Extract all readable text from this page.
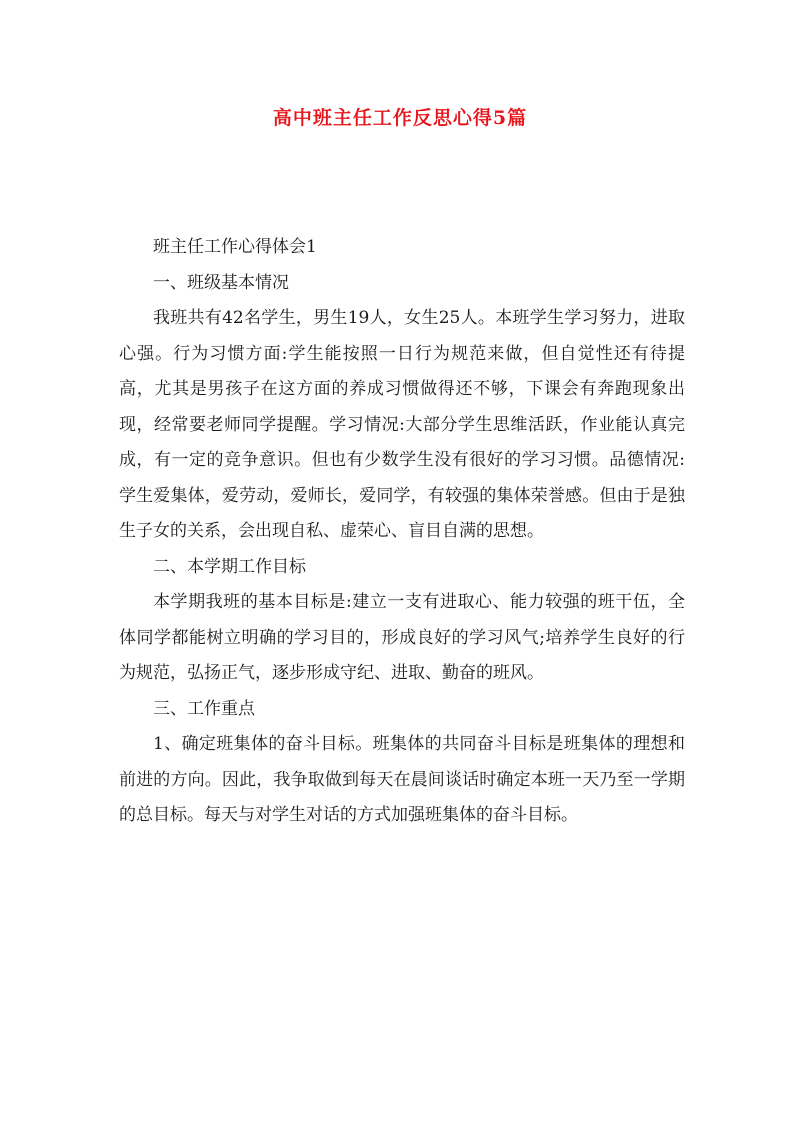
高中班主任工作反思心得5篇

班主任工作心得体会1

一、班级基本情况

我班共有42名学生，男生19人，女生25人。本班学生学习努力，进取心强。行为习惯方面:学生能按照一日行为规范来做，但自觉性还有待提高，尤其是男孩子在这方面的养成习惯做得还不够，下课会有奔跑现象出现，经常要老师同学提醒。学习情况:大部分学生思维活跃，作业能认真完成，有一定的竞争意识。但也有少数学生没有很好的学习习惯。品德情况:学生爱集体，爱劳动，爱师长，爱同学，有较强的集体荣誉感。但由于是独生子女的关系，会出现自私、虚荣心、盲目自满的思想。

二、本学期工作目标

本学期我班的基本目标是:建立一支有进取心、能力较强的班干伍，全体同学都能树立明确的学习目的，形成良好的学习风气;培养学生良好的行为规范，弘扬正气，逐步形成守纪、进取、勤奋的班风。

三、工作重点

1、确定班集体的奋斗目标。班集体的共同奋斗目标是班集体的理想和前进的方向。因此，我争取做到每天在晨间谈话时确定本班一天乃至一学期的总目标。每天与对学生对话的方式加强班集体的奋斗目标。
